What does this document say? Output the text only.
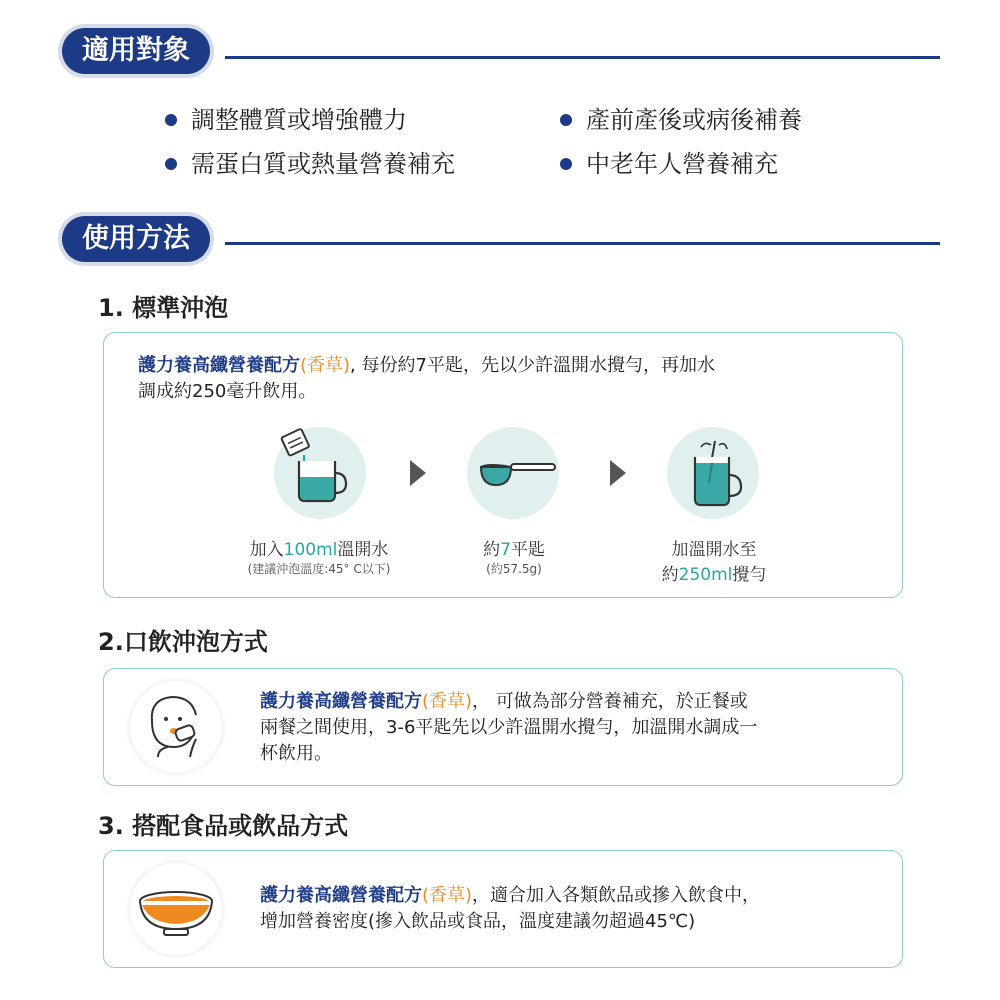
適用對象
調整體質或增強體力	產前產後或病後補養
需蛋白質或熱量營養補充	中老年人營養補充
使用方法
1. 標準沖泡
護力養高纖營養配方(香草), 每份約7平匙，先以少許溫開水攪勻，再加水
調成約250毫升飲用。
加入100ml溫開水
(建議沖泡溫度:45° C以下)
約7平匙
(約57.5g)
加溫開水至
約250ml攪勻
2.口飲沖泡方式
護力養高纖營養配方(香草)， 可做為部分營養補充，於正餐或
兩餐之間使用，3-6平匙先以少許溫開水攪勻，加溫開水調成一
杯飲用。
3. 搭配食品或飲品方式
護力養高纖營養配方(香草)，適合加入各類飲品或摻入飲食中，
增加營養密度(摻入飲品或食品，溫度建議勿超過45℃)
